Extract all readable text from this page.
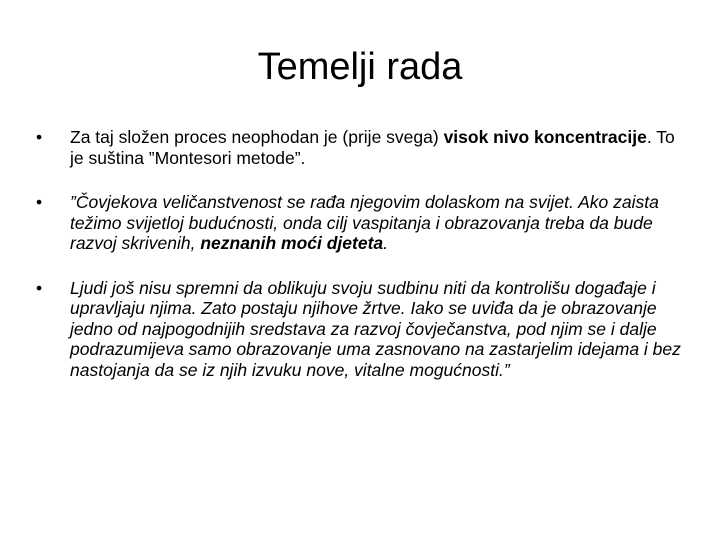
Temelji rada
•	Za taj složen proces neophodan je (prije svega) visok nivo koncentracije. To je suština ”Montesori metode”.
•	”Čovjekova veličanstvenost se rađa njegovim dolaskom na svijet. Ako zaista težimo svijetloj budućnosti, onda cilj vaspitanja i obrazovanja treba da bude razvoj skrivenih, neznanih moći djeteta.
•	Ljudi još nisu spremni da oblikuju svoju sudbinu niti da kontrolišu događaje i upravljaju njima. Zato postaju njihove žrtve. Iako se uviđa da je obrazovanje jedno od najpogodnijih sredstava za razvoj čovječanstva, pod njim se i dalje podrazumijeva samo obrazovanje uma zasnovano na zastarjelim idejama i bez nastojanja da se iz njih izvuku nove, vitalne mogućnosti.”
